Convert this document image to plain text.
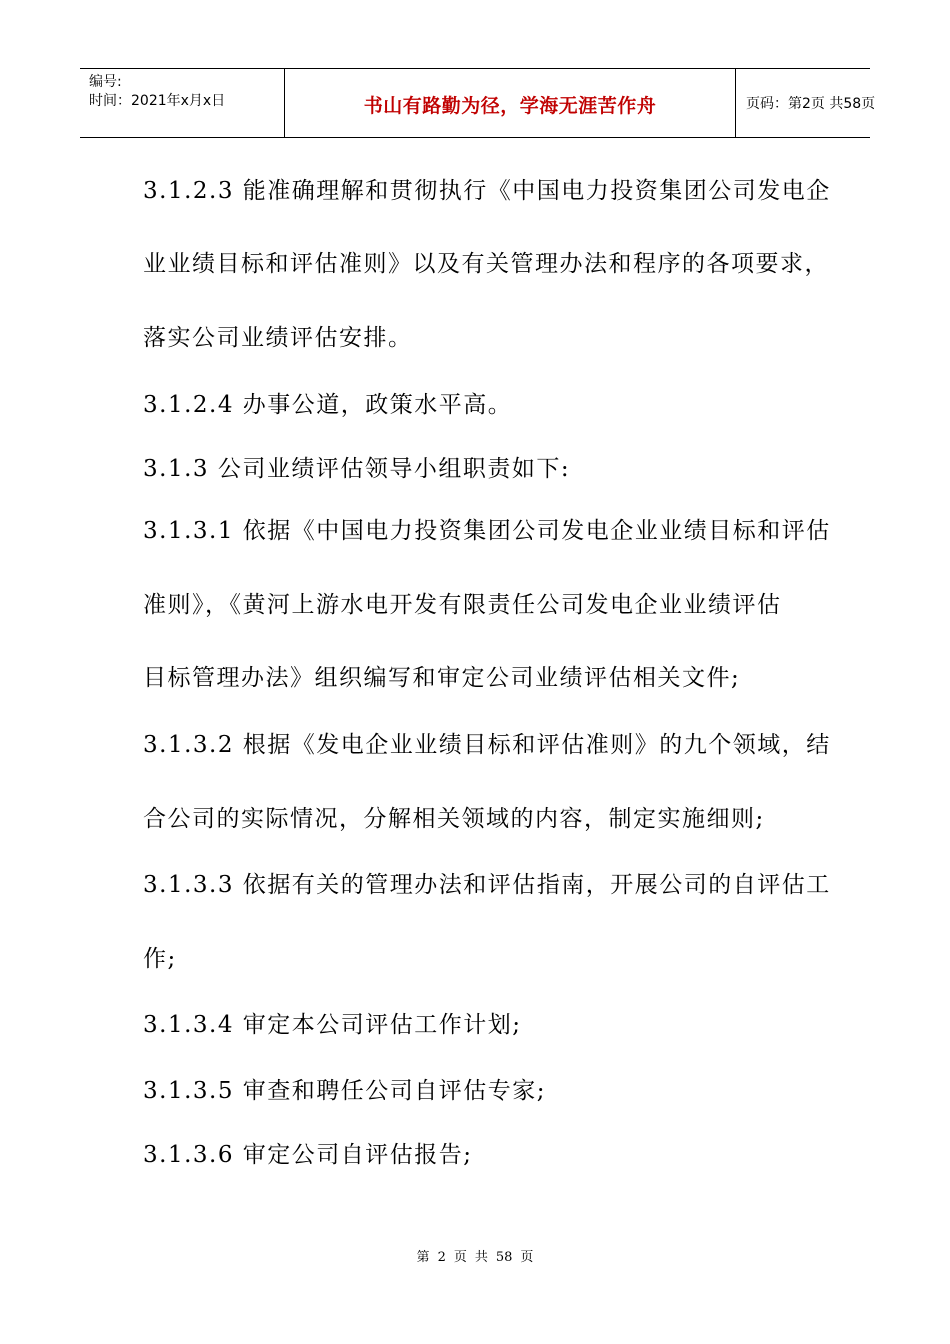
编号:
时间：2021年x月x日	书山有路勤为径，学海无涯苦作舟	页码：第2页 共58页
3.1.2.3 能准确理解和贯彻执行《中国电力投资集团公司发电企
业业绩目标和评估准则》以及有关管理办法和程序的各项要求，
落实公司业绩评估安排。
3.1.2.4 办事公道，政策水平高。
3.1.3 公司业绩评估领导小组职责如下:
3.1.3.1 依据《中国电力投资集团公司发电企业业绩目标和评估
准则》，《黄河上游水电开发有限责任公司发电企业业绩评估
目标管理办法》组织编写和审定公司业绩评估相关文件;
3.1.3.2 根据《发电企业业绩目标和评估准则》的九个领域，结
合公司的实际情况，分解相关领域的内容，制定实施细则;
3.1.3.3 依据有关的管理办法和评估指南，开展公司的自评估工
作;
3.1.3.4 审定本公司评估工作计划;
3.1.3.5 审查和聘任公司自评估专家;
3.1.3.6 审定公司自评估报告;
第 2 页 共 58 页
